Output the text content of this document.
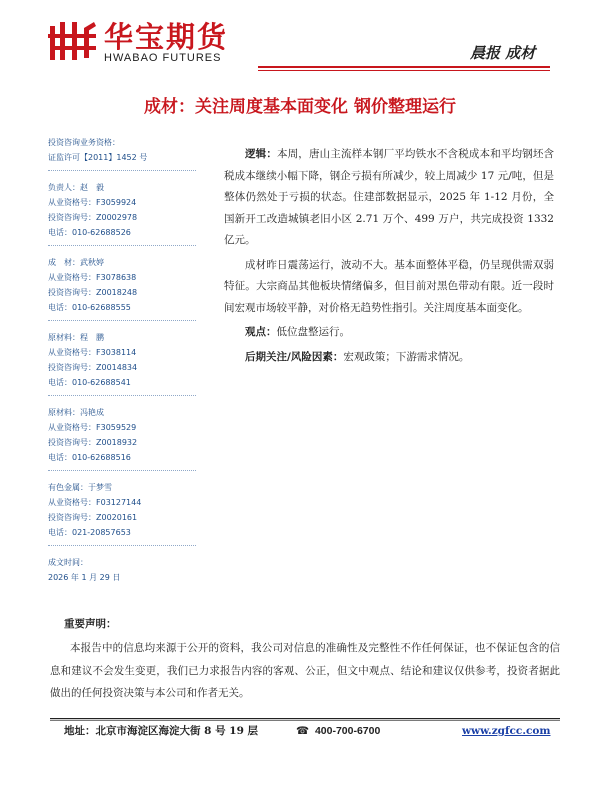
华宝期货
HWABAO FUTURES	晨报 成材
成材：关注周度基本面变化 钢价整理运行
投资咨询业务资格：
证监许可【2011】1452 号
负责人：赵　毅
从业资格号：F3059924
投资咨询号：Z0002978
电话：010-62688526
成　材：武秋婷
从业资格号：F3078638
投资咨询号：Z0018248
电话：010-62688555
原材料：程　鹏
从业资格号：F3038114
投资咨询号：Z0014834
电话：010-62688541
原材料：冯艳成
从业资格号：F3059529
投资咨询号：Z0018932
电话：010-62688516
有色金属：于梦雪
从业资格号：F03127144
投资咨询号：Z0020161
电话：021-20857653
成文时间：
2026 年 1 月 29 日

逻辑：本周，唐山主流样本钢厂平均铁水不含税成本和平均钢坯含税成本继续小幅下降，钢企亏损有所减少，较上周减少 17 元/吨，但是整体仍然处于亏损的状态。住建部数据显示，2025 年 1-12 月份，全国新开工改造城镇老旧小区 2.71 万个、499 万户，共完成投资 1332 亿元。

成材昨日震荡运行，波动不大。基本面整体平稳，仍呈现供需双弱特征。大宗商品其他板块情绪偏多，但目前对黑色带动有限。近一段时间宏观市场较平静，对价格无趋势性指引。关注周度基本面变化。

观点：低位盘整运行。

后期关注/风险因素：宏观政策；下游需求情况。

重要声明：
本报告中的信息均来源于公开的资料，我公司对信息的准确性及完整性不作任何保证，也不保证包含的信息和建议不会发生变更，我们已力求报告内容的客观、公正，但文中观点、结论和建议仅供参考，投资者据此做出的任何投资决策与本公司和作者无关。
地址：北京市海淀区海淀大街 8 号 19 层	☎ 400-700-6700	www.zgfcc.com
